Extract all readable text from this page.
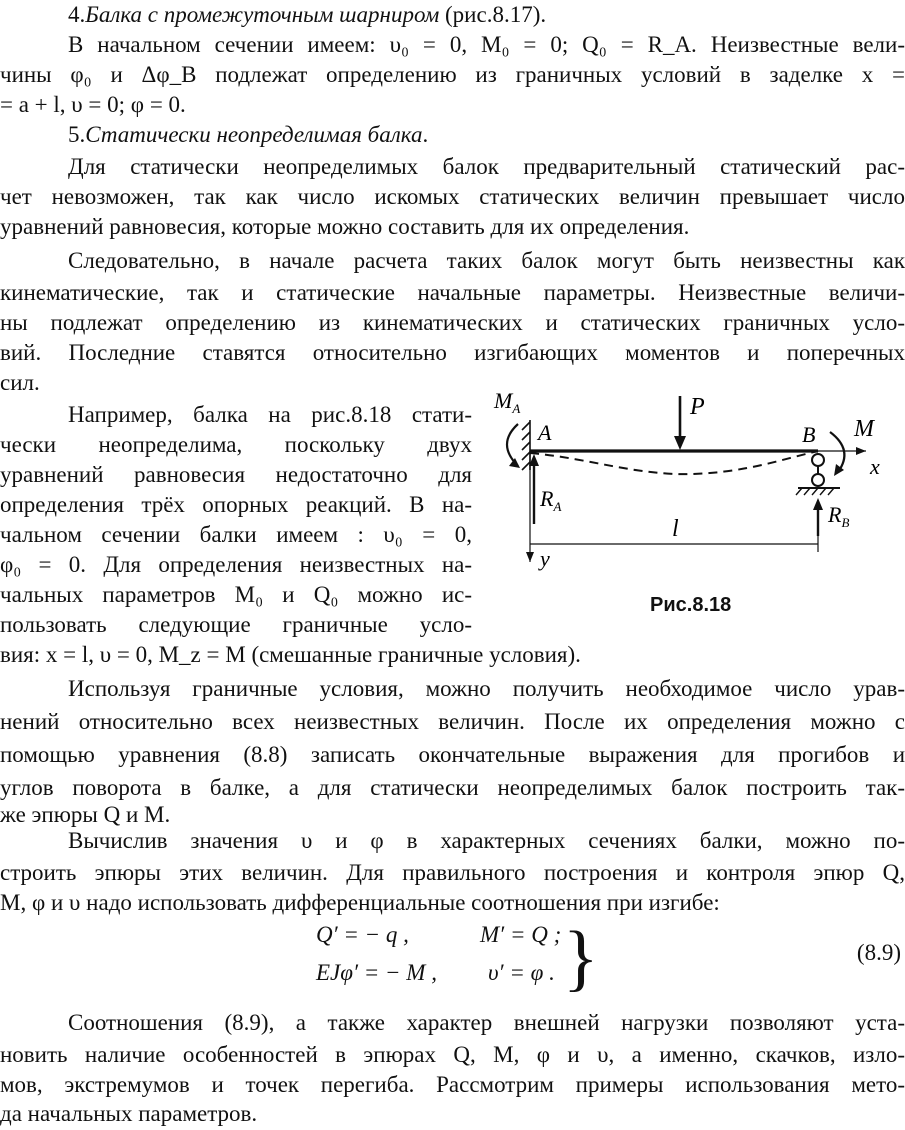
4.Балка с промежуточным шарниром (рис.8.17).
В начальном сечении имеем: υ₀ = 0, M₀ = 0; Q₀ = R_A. Неизвестные вели-
чины φ₀ и Δφ_B подлежат определению из граничных условий в заделке x =
= a + l, υ = 0; φ = 0.
5.Статически неопределимая балка.
Для статически неопределимых балок предварительный статический рас-
чет невозможен, так как число искомых статических величин превышает число
уравнений равновесия, которые можно составить для их определения.
Следовательно, в начале расчета таких балок могут быть неизвестны как
кинематические, так и статические начальные параметры. Неизвестные величи-
ны подлежат определению из кинематических и статических граничных усло-
вий. Последние ставятся относительно изгибающих моментов и поперечных
сил.
Например, балка на рис.8.18 стати-
чески неопределима, поскольку двух
уравнений равновесия недостаточно для
определения трёх опорных реакций. В на-
чальном сечении балки имеем : υ₀ = 0,
φ₀ = 0. Для определения неизвестных на-
чальных параметров M₀ и Q₀ можно ис-
пользовать следующие граничные усло-
вия: x = l, υ = 0, M_z = M (смешанные граничные условия).
Используя граничные условия, можно получить необходимое число урав-
нений относительно всех неизвестных величин. После их определения можно с
помощью уравнения (8.8) записать окончательные выражения для прогибов и
углов поворота в балке, а для статически неопределимых балок построить так-
же эпюры Q и M.
$M_A$
A
P
B M
x
$R_A$	$R_B$
l
y
Рис.8.18
Q′ = − q ,	M′ = Q ;
EJφ′ = − M , υ′ = φ . }	(8.9)
Вычислив значения υ и φ в характерных сечениях балки, можно по-
Соотношения (8.9), а также характер внешней нагрузки позволяют уста-
новить наличие особенностей в эпюрах Q, M, φ и υ, а именно, скачков, изло-
мов, экстремумов и точек перегиба. Рассмотрим примеры использования мето-
да начальных параметров.
строить эпюры этих величин. Для правильного построения и контроля эпюр Q,
M, φ и υ надо использовать дифференциальные соотношения при изгибе:
